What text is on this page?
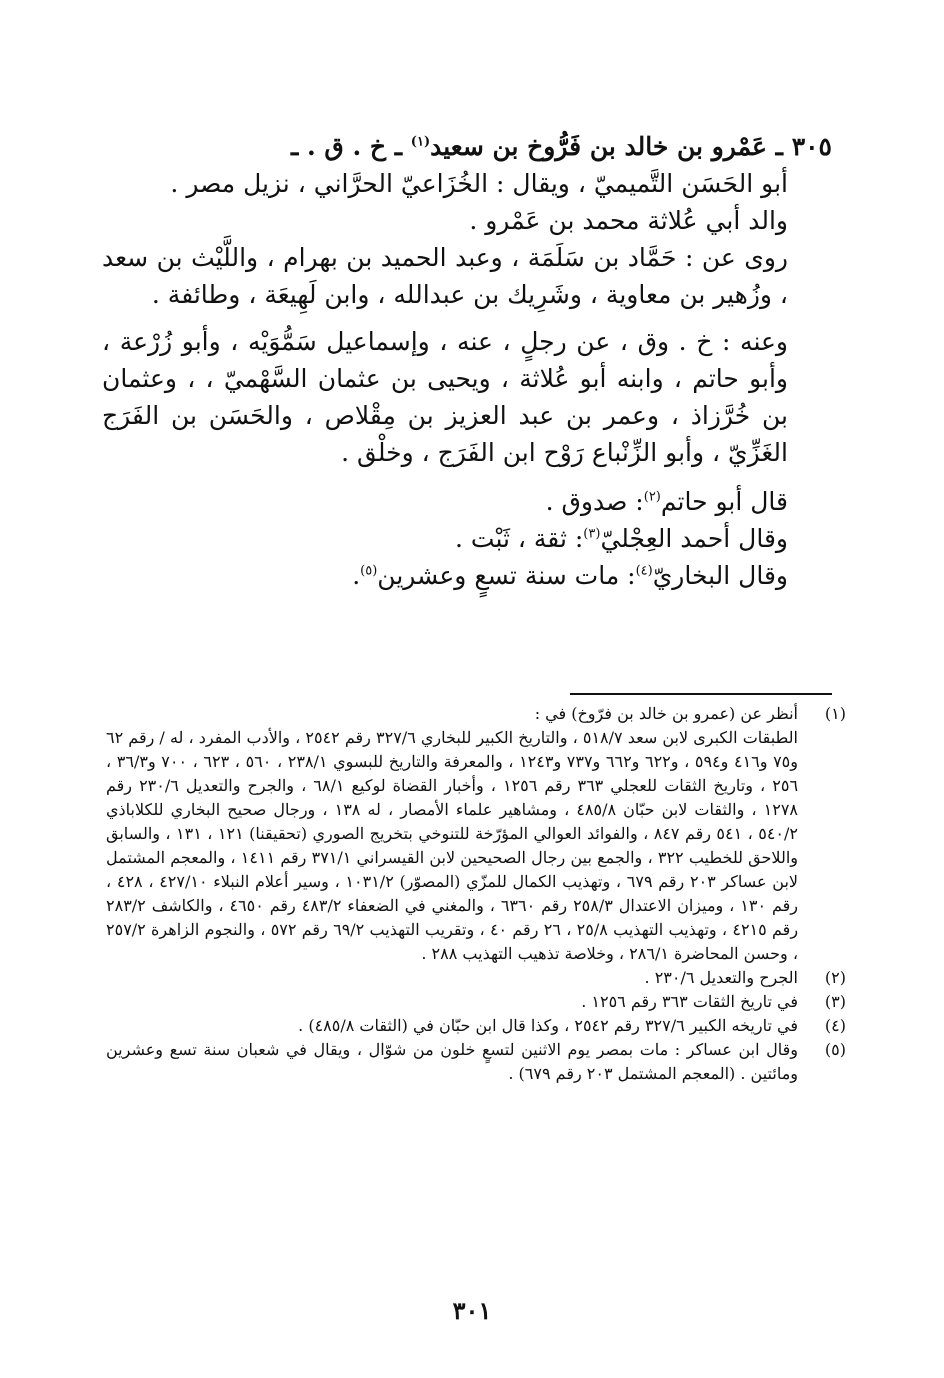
٣٠٥ ـ عَمْرو بن خالد بن فَرُّوخ بن سعيد$^{(١)}$ ـ خ . ق . ـ

أبو الحَسَن التَّميميّ ، ويقال : الخُزَاعيّ الحرَّاني ، نزيل مصر .

والد أبي عُلاثة محمد بن عَمْرو .

روى عن : حَمَّاد بن سَلَمَة ، وعبد الحميد بن بهرام ، واللَّيْث بن سعد ، وزُهير بن معاوية ، وشَرِيك بن عبدالله ، وابن لَهِيعَة ، وطائفة .

وعنه : خ . وق ، عن رجلٍ ، عنه ، وإسماعيل سَمُّوَيْه ، وأبو زُرْعة ، وأبو حاتم ، وابنه أبو عُلاثة ، ويحيى بن عثمان السَّهْميّ ، ، وعثمان بن خُرَّزاذ ، وعمر بن عبد العزيز بن مِقْلاص ، والحَسَن بن الفَرَج الغَزِّيّ ، وأبو الزِّنْباع رَوْح ابن الفَرَج ، وخلْق .

قال أبو حاتم$^{(٢)}$: صدوق .

وقال أحمد العِجْليّ$^{(٣)}$: ثقة ، ثَبْت .

وقال البخاريّ$^{(٤)}$: مات سنة تسعٍ وعشرين$^{(٥)}$.

(١)
أنظر عن (عمرو بن خالد بن فرّوخ) في :
الطبقات الكبرى لابن سعد ٥١٨/٧ ، والتاريخ الكبير للبخاري ٣٢٧/٦ رقم ٢٥٤٢ ، والأدب المفرد ، له / رقم ٦٢ و٧٥ و٤١٦ و٥٩٤ ، و٦٢٢ و٦٦٢ و٧٣٧ و١٢٤٣ ، والمعرفة والتاريخ للبسوي ٢٣٨/١ ، ٥٦٠ ، ٦٢٣ ، ٧٠٠ و٣٦/٣ ، ٢٥٦ ، وتاريخ الثقات للعجلي ٣٦٣ رقم ١٢٥٦ ، وأخبار القضاة لوكيع ٦٨/١ ، والجرح والتعديل ٢٣٠/٦ رقم ١٢٧٨ ، والثقات لابن حبّان ٤٨٥/٨ ، ومشاهير علماء الأمصار ، له ١٣٨ ، ورجال صحيح البخاري للكلاباذي ٥٤٠/٢ ، ٥٤١ رقم ٨٤٧ ، والفوائد العوالي المؤرّخة للتنوخي بتخريج الصوري (تحقيقنا) ١٢١ ، ١٣١ ، والسابق واللاحق للخطيب ٣٢٢ ، والجمع بين رجال الصحيحين لابن القيسراني ٣٧١/١ رقم ١٤١١ ، والمعجم المشتمل لابن عساكر ٢٠٣ رقم ٦٧٩ ، وتهذيب الكمال للمزّي (المصوّر) ١٠٣١/٢ ، وسير أعلام النبلاء ٤٢٧/١٠ ، ٤٢٨ ، رقم ١٣٠ ، وميزان الاعتدال ٢٥٨/٣ رقم ٦٣٦٠ ، والمغني في الضعفاء ٤٨٣/٢ رقم ٤٦٥٠ ، والكاشف ٢٨٣/٢ رقم ٤٢١٥ ، وتهذيب التهذيب ٢٥/٨ ، ٢٦ رقم ٤٠ ، وتقريب التهذيب ٦٩/٢ رقم ٥٧٢ ، والنجوم الزاهرة ٢٥٧/٢ ، وحسن المحاضرة ٢٨٦/١ ، وخلاصة تذهيب التهذيب ٢٨٨ .
(٢)
الجرح والتعديل ٢٣٠/٦ .
(٣)
في تاريخ الثقات ٣٦٣ رقم ١٢٥٦ .
(٤)
في تاريخه الكبير ٣٢٧/٦ رقم ٢٥٤٢ ، وكذا قال ابن حبّان في (الثقات ٤٨٥/٨) .
(٥)
وقال ابن عساكر : مات بمصر يوم الاثنين لتسعٍ خلون من شوّال ، ويقال في شعبان سنة تسع وعشرين ومائتين . (المعجم المشتمل ٢٠٣ رقم ٦٧٩) .
٣٠١
